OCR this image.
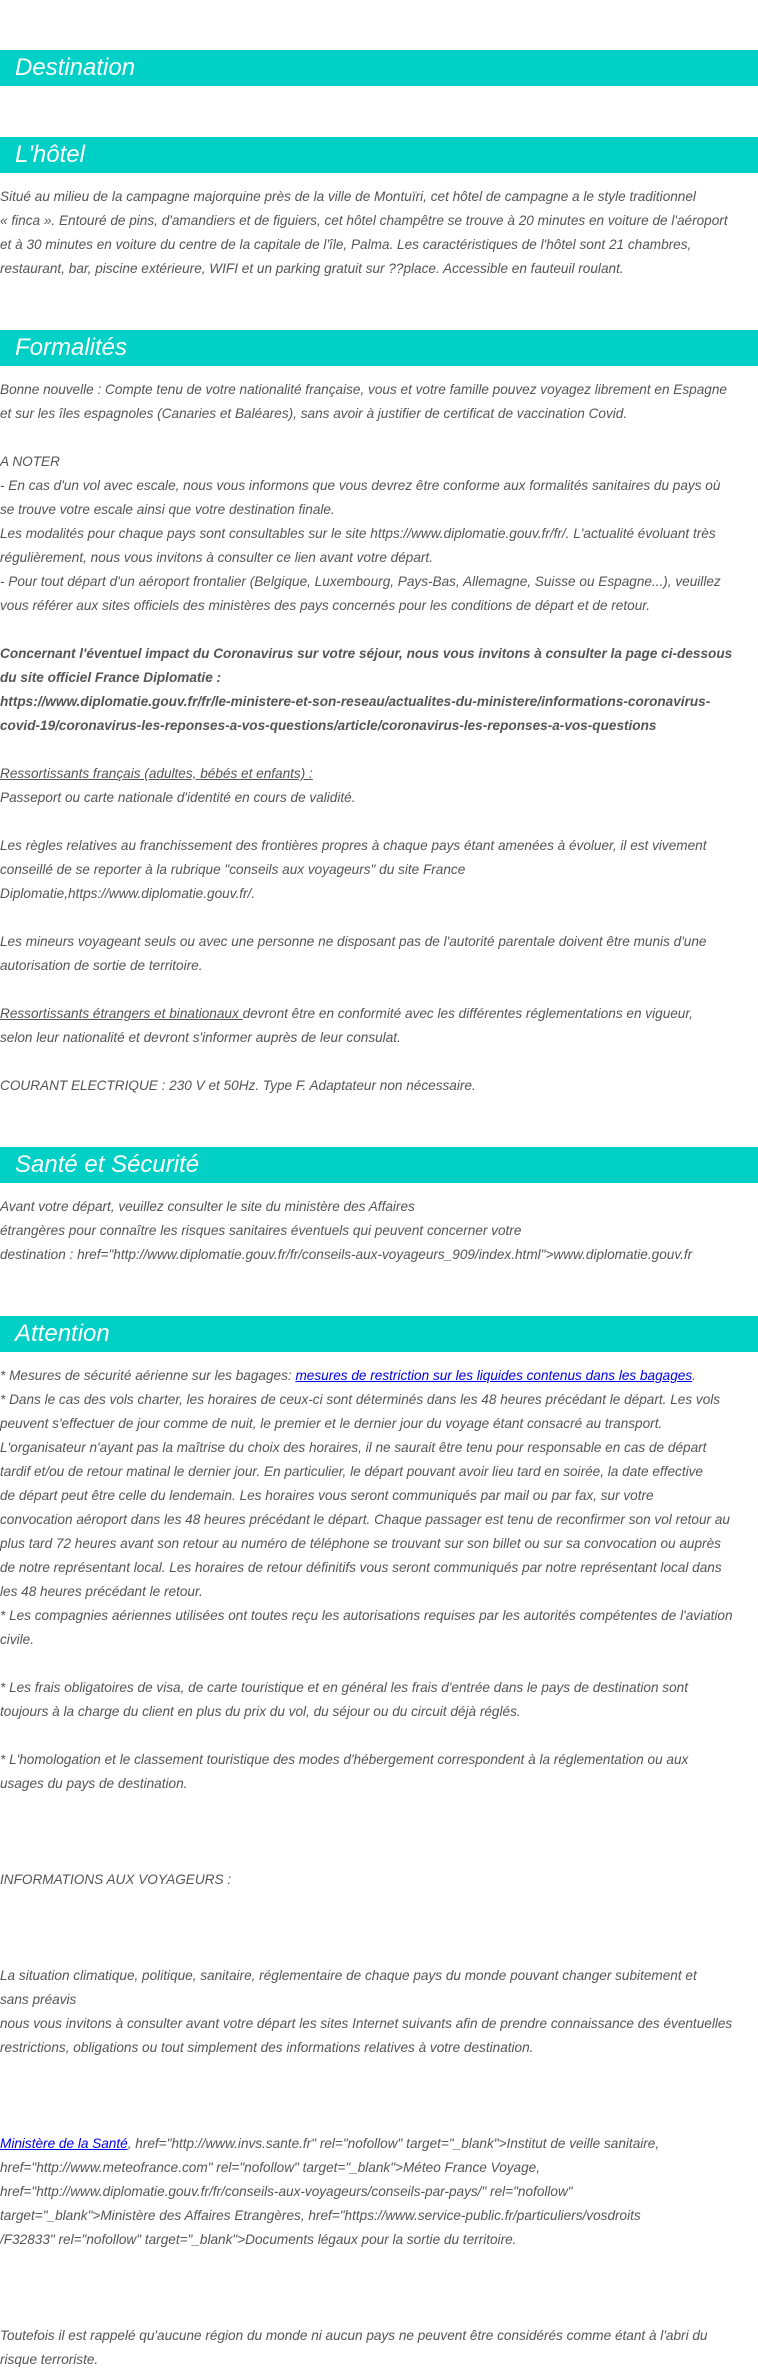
Destination
L'hôtel
Situé au milieu de la campagne majorquine près de la ville de Montuïri, cet hôtel de campagne a le style traditionnel
« finca ». Entouré de pins, d'amandiers et de figuiers, cet hôtel champêtre se trouve à 20 minutes en voiture de l'aéroport
et à 30 minutes en voiture du centre de la capitale de l'île, Palma. Les caractéristiques de l'hôtel sont 21 chambres,
restaurant, bar, piscine extérieure, WIFI et un parking gratuit sur ??place. Accessible en fauteuil roulant.
Formalités
Bonne nouvelle : Compte tenu de votre nationalité française, vous et votre famille pouvez voyagez librement en Espagne
et sur les îles espagnoles (Canaries et Baléares), sans avoir à justifier de certificat de vaccination Covid.
A NOTER
- En cas d'un vol avec escale, nous vous informons que vous devrez être conforme aux formalités sanitaires du pays où
se trouve votre escale ainsi que votre destination finale.
Les modalités pour chaque pays sont consultables sur le site https://www.diplomatie.gouv.fr/fr/. L'actualité évoluant très
régulièrement, nous vous invitons à consulter ce lien avant votre départ.
- Pour tout départ d'un aéroport frontalier (Belgique, Luxembourg, Pays-Bas, Allemagne, Suisse ou Espagne...), veuillez
vous référer aux sites officiels des ministères des pays concernés pour les conditions de départ et de retour.
Concernant l'éventuel impact du Coronavirus sur votre séjour, nous vous invitons à consulter la page ci-dessous
du site officiel France Diplomatie :
https://www.diplomatie.gouv.fr/fr/le-ministere-et-son-reseau/actualites-du-ministere/informations-coronavirus-
covid-19/coronavirus-les-reponses-a-vos-questions/article/coronavirus-les-reponses-a-vos-questions
Ressortissants français (adultes, bébés et enfants) :
Passeport ou carte nationale d'identité en cours de validité.
Les règles relatives au franchissement des frontières propres à chaque pays étant amenées à évoluer, il est vivement
conseillé de se reporter à la rubrique "conseils aux voyageurs" du site France
Diplomatie,https://www.diplomatie.gouv.fr/.
Les mineurs voyageant seuls ou avec une personne ne disposant pas de l'autorité parentale doivent être munis d'une
autorisation de sortie de territoire.
Ressortissants étrangers et binationaux devront être en conformité avec les différentes réglementations en vigueur,
selon leur nationalité et devront s'informer auprès de leur consulat.
COURANT ELECTRIQUE : 230 V et 50Hz. Type F. Adaptateur non nécessaire.
Santé et Sécurité
Avant votre départ, veuillez consulter le site du ministère des Affaires
étrangères pour connaître les risques sanitaires éventuels qui peuvent concerner votre
destination : href="http://www.diplomatie.gouv.fr/fr/conseils-aux-voyageurs_909/index.html">www.diplomatie.gouv.fr
Attention
* Mesures de sécurité aérienne sur les bagages: mesures de restriction sur les liquides contenus dans les bagages.
* Dans le cas des vols charter, les horaires de ceux-ci sont déterminés dans les 48 heures précédant le départ. Les vols
peuvent s'effectuer de jour comme de nuit, le premier et le dernier jour du voyage étant consacré au transport.
L'organisateur n'ayant pas la maîtrise du choix des horaires, il ne saurait être tenu pour responsable en cas de départ
tardif et/ou de retour matinal le dernier jour. En particulier, le départ pouvant avoir lieu tard en soirée, la date effective
de départ peut être celle du lendemain. Les horaires vous seront communiqués par mail ou par fax, sur votre
convocation aéroport dans les 48 heures précédant le départ. Chaque passager est tenu de reconfirmer son vol retour au
plus tard 72 heures avant son retour au numéro de téléphone se trouvant sur son billet ou sur sa convocation ou auprès
de notre représentant local. Les horaires de retour définitifs vous seront communiqués par notre représentant local dans
les 48 heures précédant le retour.
* Les compagnies aériennes utilisées ont toutes reçu les autorisations requises par les autorités compétentes de l'aviation
civile.
* Les frais obligatoires de visa, de carte touristique et en général les frais d'entrée dans le pays de destination sont
toujours à la charge du client en plus du prix du vol, du séjour ou du circuit déjà réglés.
* L'homologation et le classement touristique des modes d'hébergement correspondent à la réglementation ou aux
usages du pays de destination.
INFORMATIONS AUX VOYAGEURS :
La situation climatique, politique, sanitaire, réglementaire de chaque pays du monde pouvant changer subitement et
sans préavis
nous vous invitons à consulter avant votre départ les sites Internet suivants afin de prendre connaissance des éventuelles
restrictions, obligations ou tout simplement des informations relatives à votre destination.
Ministère de la Santé, href="http://www.invs.sante.fr" rel="nofollow" target="_blank">Institut de veille sanitaire,
href="http://www.meteofrance.com" rel="nofollow" target="_blank">Méteo France Voyage,
href="http://www.diplomatie.gouv.fr/fr/conseils-aux-voyageurs/conseils-par-pays/" rel="nofollow"
target="_blank">Ministère des Affaires Etrangères, href="https://www.service-public.fr/particuliers/vosdroits
/F32833" rel="nofollow" target="_blank">Documents légaux pour la sortie du territoire.
Toutefois il est rappelé qu'aucune région du monde ni aucun pays ne peuvent être considérés comme étant à l'abri du
risque terroriste.
